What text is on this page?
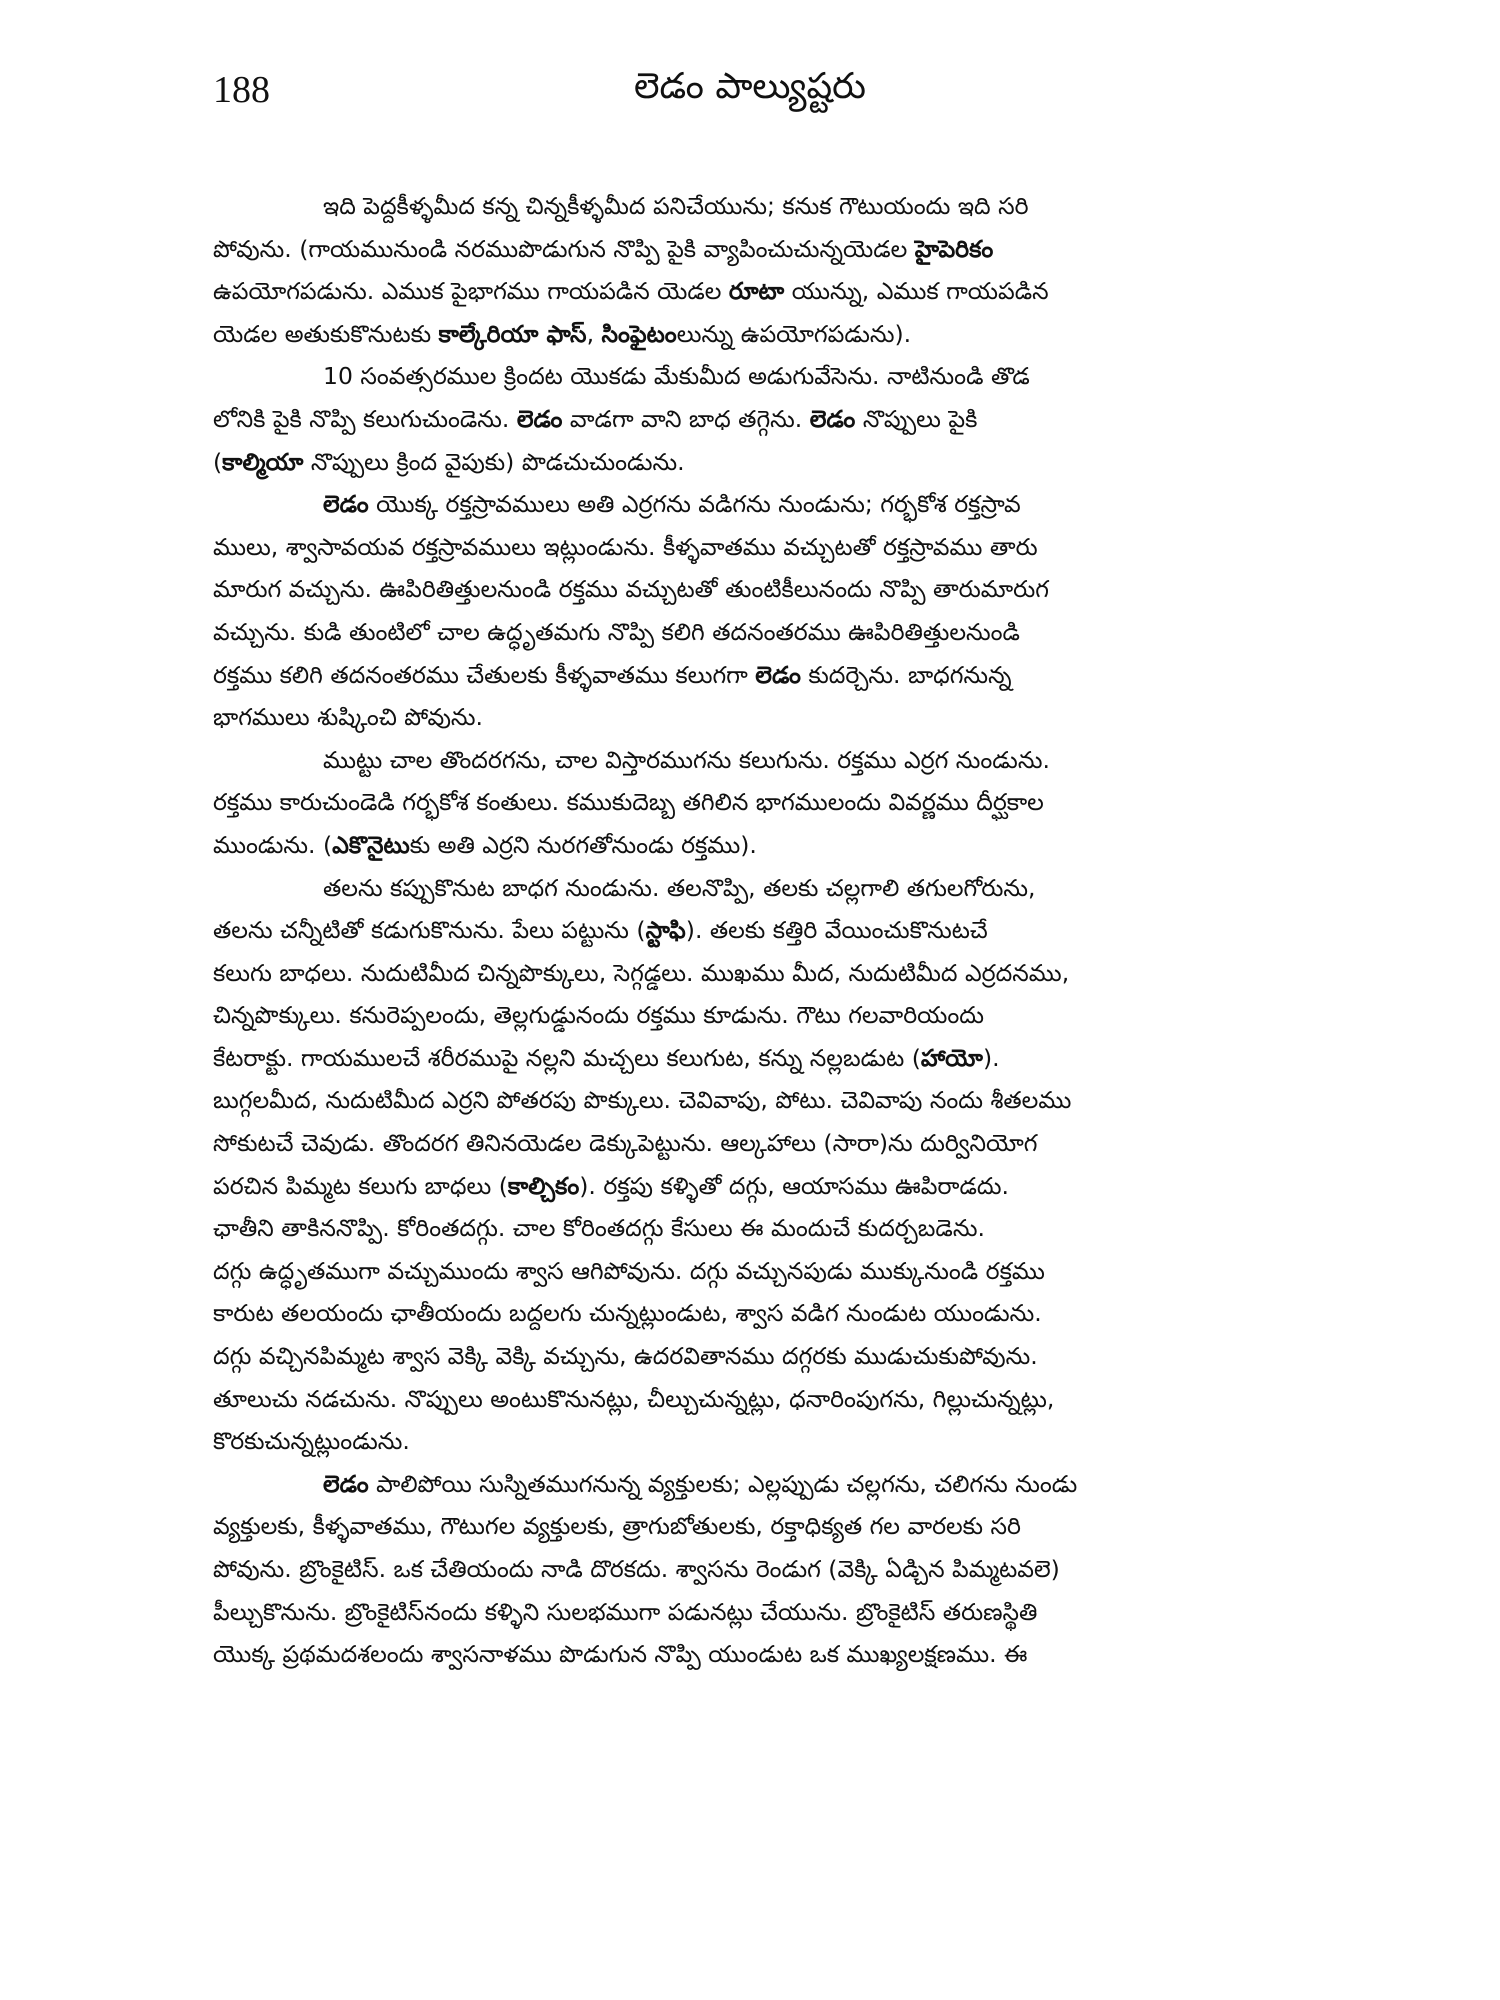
188	లెడం పాల్యుష్టరు
ఇది పెద్దకీళ్ళమీద కన్న చిన్నకీళ్ళమీద పనిచేయును; కనుక గౌటుయందు ఇది సరి
పోవును. (గాయమునుండి నరముపొడుగున నొప్పి పైకి వ్యాపించుచున్నయెడల హైపెరికం
ఉపయోగపడును. ఎముక పైభాగము గాయపడిన యెడల రూటా యున్ను, ఎముక గాయపడిన
యెడల అతుకుకొనుటకు కాల్కేరియా ఫాస్, సింఫైటంలున్ను ఉపయోగపడును).
10 సంవత్సరముల క్రిందట యొకడు మేకుమీద అడుగువేసెను. నాటినుండి తొడ
లోనికి పైకి నొప్పి కలుగుచుండెను. లెడం వాడగా వాని బాధ తగ్గెను. లెడం నొప్పులు పైకి
(కాల్మియా నొప్పులు క్రింద వైపుకు) పొడచుచుండును.
లెడం యొక్క రక్తస్రావములు అతి ఎర్రగను వడిగను నుండును; గర్భకోశ రక్తస్రావ
ములు, శ్వాసావయవ రక్తస్రావములు ఇట్లుండును. కీళ్ళవాతము వచ్చుటతో రక్తస్రావము తారు
మారుగ వచ్చును. ఊపిరితిత్తులనుండి రక్తము వచ్చుటతో తుంటికీలునందు నొప్పి తారుమారుగ
వచ్చును. కుడి తుంటిలో చాల ఉద్ధృతమగు నొప్పి కలిగి తదనంతరము ఊపిరితిత్తులనుండి
రక్తము కలిగి తదనంతరము చేతులకు కీళ్ళవాతము కలుగగా లెడం కుదర్చెను. బాధగనున్న
భాగములు శుష్కించి పోవును.
ముట్టు చాల తొందరగను, చాల విస్తారముగను కలుగును. రక్తము ఎర్రగ నుండును.
రక్తము కారుచుండెడి గర్భకోశ కంతులు. కముకుదెబ్బ తగిలిన భాగములందు వివర్ణము దీర్ఘకాల
ముండును. (ఎకొనైటుకు అతి ఎర్రని నురగతోనుండు రక్తము).
తలను కప్పుకొనుట బాధగ నుండును. తలనొప్పి, తలకు చల్లగాలి తగులగోరును,
తలను చన్నీటితో కడుగుకొనును. పేలు పట్టును (స్టాఫి). తలకు కత్తిరి వేయించుకొనుటచే
కలుగు బాధలు. నుదుటిమీద చిన్నపొక్కులు, సెగ్గడ్డలు. ముఖము మీద, నుదుటిమీద ఎర్రదనము,
చిన్నపొక్కులు. కనురెప్పలందు, తెల్లగుడ్డునందు రక్తము కూడును. గౌటు గలవారియందు
కేటరాక్టు. గాయములచే శరీరముపై నల్లని మచ్చలు కలుగుట, కన్ను నల్లబడుట (హాయో).
బుగ్గలమీద, నుదుటిమీద ఎర్రని పోతరపు పొక్కులు. చెవివాపు, పోటు. చెవివాపు నందు శీతలము
సోకుటచే చెవుడు. తొందరగ తినినయెడల డెక్కుపెట్టును. ఆల్కహాలు (సారా)ను దుర్వినియోగ
పరచిన పిమ్మట కలుగు బాధలు (కాల్చికం). రక్తపు కళ్ళితో దగ్గు, ఆయాసము ఊపిరాడదు.
ఛాతీని తాకిననొప్పి. కోరింతదగ్గు. చాల కోరింతదగ్గు కేసులు ఈ మందుచే కుదర్చబడెను.
దగ్గు ఉద్ధృతముగా వచ్చుముందు శ్వాస ఆగిపోవును. దగ్గు వచ్చునపుడు ముక్కునుండి రక్తము
కారుట తలయందు ఛాతీయందు బద్దలగు చున్నట్లుండుట, శ్వాస వడిగ నుండుట యుండును.
దగ్గు వచ్చినపిమ్మట శ్వాస వెక్కి వెక్కి వచ్చును, ఉదరవితానము దగ్గరకు ముడుచుకుపోవును.
తూలుచు నడచును. నొప్పులు అంటుకొనునట్లు, చీల్చుచున్నట్లు, ధనారింపుగను, గిల్లుచున్నట్లు,
కొరకుచున్నట్లుండును.
లెడం పాలిపోయి సుస్నితముగనున్న వ్యక్తులకు; ఎల్లప్పుడు చల్లగను, చలిగను నుండు
వ్యక్తులకు, కీళ్ళవాతము, గౌటుగల వ్యక్తులకు, త్రాగుబోతులకు, రక్తాధిక్యత గల వారలకు సరి
పోవును. బ్రొంకైటిస్. ఒక చేతియందు నాడి దొరకదు. శ్వాసను రెండుగ (వెక్కి ఏడ్చిన పిమ్మటవలె)
పీల్చుకొనును. బ్రొంకైటిస్‌నందు కళ్ళిని సులభముగా పడునట్లు చేయును. బ్రొంకైటిస్ తరుణస్థితి
యొక్క ప్రథమదశలందు శ్వాసనాళము పొడుగున నొప్పి యుండుట ఒక ముఖ్యలక్షణము. ఈ
